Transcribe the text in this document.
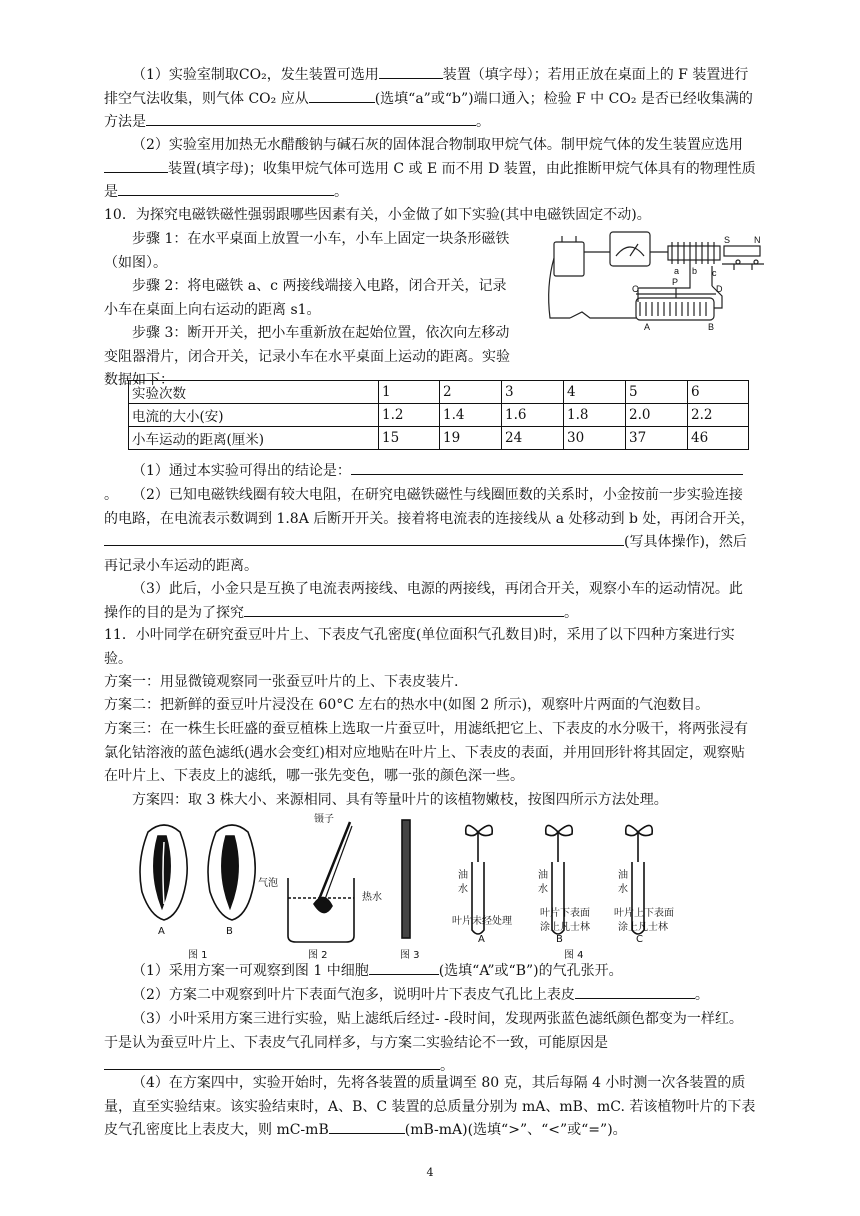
（1）实验室制取CO₂，发生装置可选用	装置（填字母）；若用正放在桌面上的 F 装置进行排空气法收集，则气体 CO₂ 应从	(选填“a”或“b”)端口通入；检验 F 中 CO₂ 是否已经收集满的方法是	。
（2）实验室用加热无水醋酸钠与碱石灰的固体混合物制取甲烷气体。制甲烷气体的发生装置应选用装置(填字母)；收集甲烷气体可选用 C 或 E 而不用 D 装置，由此推断甲烷气体具有的物理性质是	。
10．为探究电磁铁磁性强弱跟哪些因素有关，小金做了如下实验(其中电磁铁固定不动)。
步骤 1：在水平桌面上放置一小车，小车上固定一块条形磁铁（如图）。
步骤 2：将电磁铁 a、c 两接线端接入电路，闭合开关，记录小车在桌面上向右运动的距离 s1。
步骤 3：断开开关，把小车重新放在起始位置，依次向左移动变阻器滑片，闭合开关，记录小车在水平桌面上运动的距离。实验数据如下：
S	N
a b c
C
P
D
A	B
实验次数	1	2	3	4	5	6
电流的大小(安)	1.2	1.4	1.6	1.8	2.0	2.2
小车运动的距离(厘米)	15	19	24	30	37	46
（1）通过本实验可得出的结论是：。	（2）已知电磁铁线圈有较大电阻，在研究电磁铁磁性与线圈匝数的关系时，小金按前一步实验连接的电路，在电流表示数调到 1.8A 后断开开关。接着将电流表的连接线从 a 处移动到 b 处，再闭合开关，(写具体操作)，然后再记录小车运动的距离。
（3）此后，小金只是互换了电流表两接线、电源的两接线，再闭合开关，观察小车的运动情况。此操作的目的是为了探究	。
11．小叶同学在研究蚕豆叶片上、下表皮气孔密度(单位面积气孔数目)时，采用了以下四种方案进行实验。
方案一：用显微镜观察同一张蚕豆叶片的上、下表皮装片.
方案二：把新鲜的蚕豆叶片浸没在 60°C 左右的热水中(如图 2 所示)，观察叶片两面的气泡数目。
方案三：在一株生长旺盛的蚕豆植株上选取一片蚕豆叶，用滤纸把它上、下表皮的水分吸干，将两张浸有氯化钴溶液的蓝色滤纸(遇水会变红)相对应地贴在叶片上、下表皮的表面，并用回形针将其固定，观察贴在叶片上、下表皮上的滤纸，哪一张先变色，哪一张的颜色深一些。
方案四：取 3 株大小、来源相同、具有等量叶片的该植物嫩枝，按图四所示方法处理。
A	B
镊子
气泡
热水
油
水
油
水
油
水
叶片未经处理
叶片下表面
涂上凡士林
叶片上下表面
涂上凡士林
A	B	C
图 1	图 2	图 3	图 4
（1）采用方案一可观察到图 1 中细胞	(选填“A”或“B”)的气孔张开。
（2）方案二中观察到叶片下表面气泡多，说明叶片下表皮气孔比上表皮	。
（3）小叶采用方案三进行实验，贴上滤纸后经过- -段时间，发现两张蓝色滤纸颜色都变为一样红。于是认为蚕豆叶片上、下表皮气孔同样多，与方案二实验结论不一致，可能原因是。
（4）在方案四中，实验开始时，先将各装置的质量调至 80 克，其后每隔 4 小时测一次各装置的质量，直至实验结束。该实验结束时，A、B、C 装置的总质量分别为 mA、mB、mC. 若该植物叶片的下表皮气孔密度比上表皮大，则 mC-mB	(mB-mA)(选填“>”、“<”或“=”)。
4
